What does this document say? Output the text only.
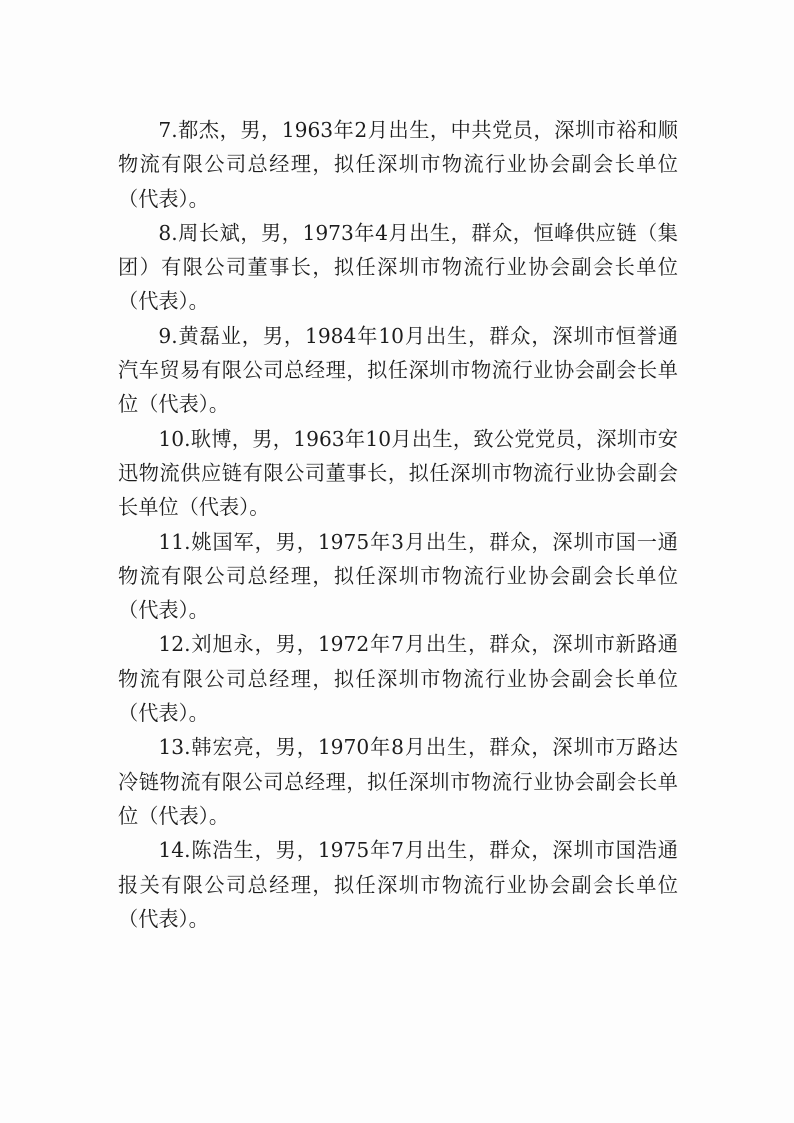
7.都杰，男，1963年2月出生，中共党员，深圳市裕和顺物流有限公司总经理，拟任深圳市物流行业协会副会长单位（代表）。

8.周长斌，男，1973年4月出生，群众，恒峰供应链（集团）有限公司董事长，拟任深圳市物流行业协会副会长单位（代表）。

9.黄磊业，男，1984年10月出生，群众，深圳市恒誉通汽车贸易有限公司总经理，拟任深圳市物流行业协会副会长单位（代表）。

10.耿博，男，1963年10月出生，致公党党员，深圳市安迅物流供应链有限公司董事长，拟任深圳市物流行业协会副会长单位（代表）。

11.姚国军，男，1975年3月出生，群众，深圳市国一通物流有限公司总经理，拟任深圳市物流行业协会副会长单位（代表）。

12.刘旭永，男，1972年7月出生，群众，深圳市新路通物流有限公司总经理，拟任深圳市物流行业协会副会长单位（代表）。

13.韩宏亮，男，1970年8月出生，群众，深圳市万路达冷链物流有限公司总经理，拟任深圳市物流行业协会副会长单位（代表）。

14.陈浩生，男，1975年7月出生，群众，深圳市国浩通报关有限公司总经理，拟任深圳市物流行业协会副会长单位（代表）。
